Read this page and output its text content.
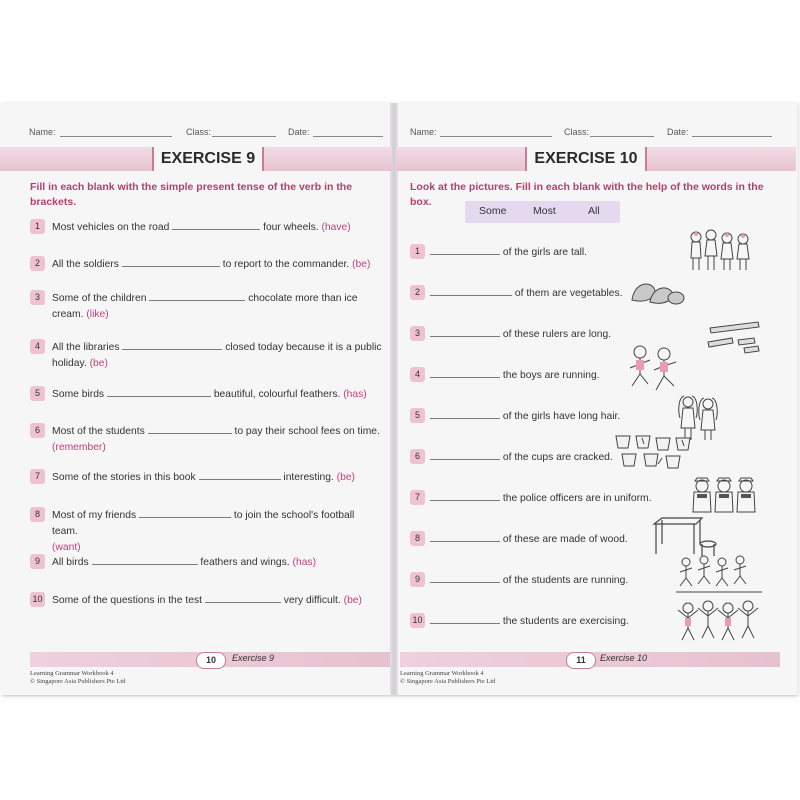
Name:	Class:	Date:	Name:	Class:	Date:
EXERCISE 9	EXERCISE 10
Fill in each blank with the simple present tense of the verb in the brackets.
1	Most vehicles on the road	four wheels. (have)
2	All the soldiers	to report to the commander. (be)
3	Some of the children	chocolate more than ice
cream. (like)
4	All the libraries	closed today because it is a public
holiday. (be)
5	Some birds	beautiful, colourful feathers. (has)
6	Most of the students	to pay their school fees on time.
(remember)
7	Some of the stories in this book	interesting. (be)
8	Most of my friends	to join the school's football team.
(want)
9	All birds	feathers and wings. (has)
10 Some of the questions in the test	very difficult. (be)
Look at the pictures. Fill in each blank with the help of the words in the box.
Some	Most	All
1	of the girls are tall.
2	of them are vegetables.
3	of these rulers are long.
4	the boys are running.
5	of the girls have long hair.
6	of the cups are cracked.
7	the police officers are in uniform.
8	of these are made of wood.
9	of the students are running.
10	the students are exercising.
10	Exercise 9
Learning Grammar Workbook 4
© Singapore Asia Publishers Pte Ltd
11	Exercise 10
Learning Grammar Workbook 4
© Singapore Asia Publishers Pte Ltd
